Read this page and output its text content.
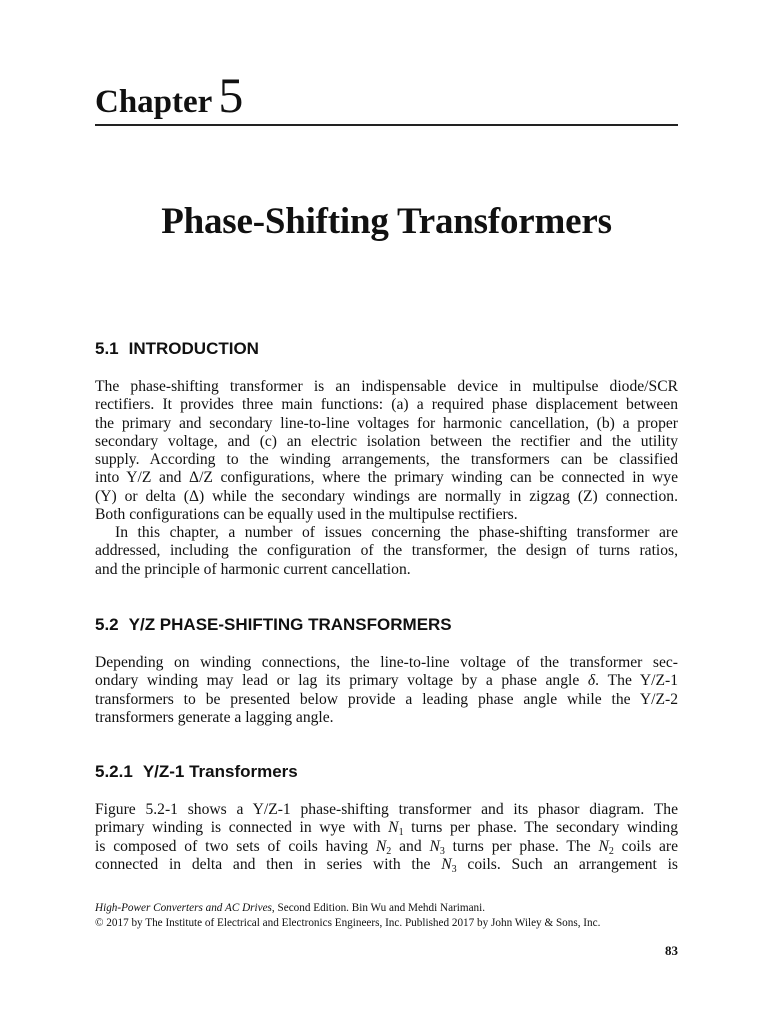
Chapter 5
Phase-Shifting Transformers
5.1 INTRODUCTION
The phase-shifting transformer is an indispensable device in multipulse diode/SCR
rectifiers. It provides three main functions: (a) a required phase displacement between
the primary and secondary line-to-line voltages for harmonic cancellation, (b) a proper
secondary voltage, and (c) an electric isolation between the rectifier and the utility
supply. According to the winding arrangements, the transformers can be classified
into Y/Z and Δ/Z configurations, where the primary winding can be connected in wye
(Y) or delta (Δ) while the secondary windings are normally in zigzag (Z) connection.
Both configurations can be equally used in the multipulse rectifiers.
In this chapter, a number of issues concerning the phase-shifting transformer are
addressed, including the configuration of the transformer, the design of turns ratios,
and the principle of harmonic current cancellation.
5.2 Y/Z PHASE-SHIFTING TRANSFORMERS
Depending on winding connections, the line-to-line voltage of the transformer sec-
ondary winding may lead or lag its primary voltage by a phase angle δ. The Y/Z-1
transformers to be presented below provide a leading phase angle while the Y/Z-2
transformers generate a lagging angle.
5.2.1 Y/Z-1 Transformers
Figure 5.2-1 shows a Y/Z-1 phase-shifting transformer and its phasor diagram. The
primary winding is connected in wye with $N_1$ turns per phase. The secondary winding
is composed of two sets of coils having $N_2$ and $N_3$ turns per phase. The $N_2$ coils are
connected in delta and then in series with the $N_3$ coils. Such an arrangement is
High-Power Converters and AC Drives, Second Edition. Bin Wu and Mehdi Narimani.
© 2017 by The Institute of Electrical and Electronics Engineers, Inc. Published 2017 by John Wiley & Sons, Inc.
83
